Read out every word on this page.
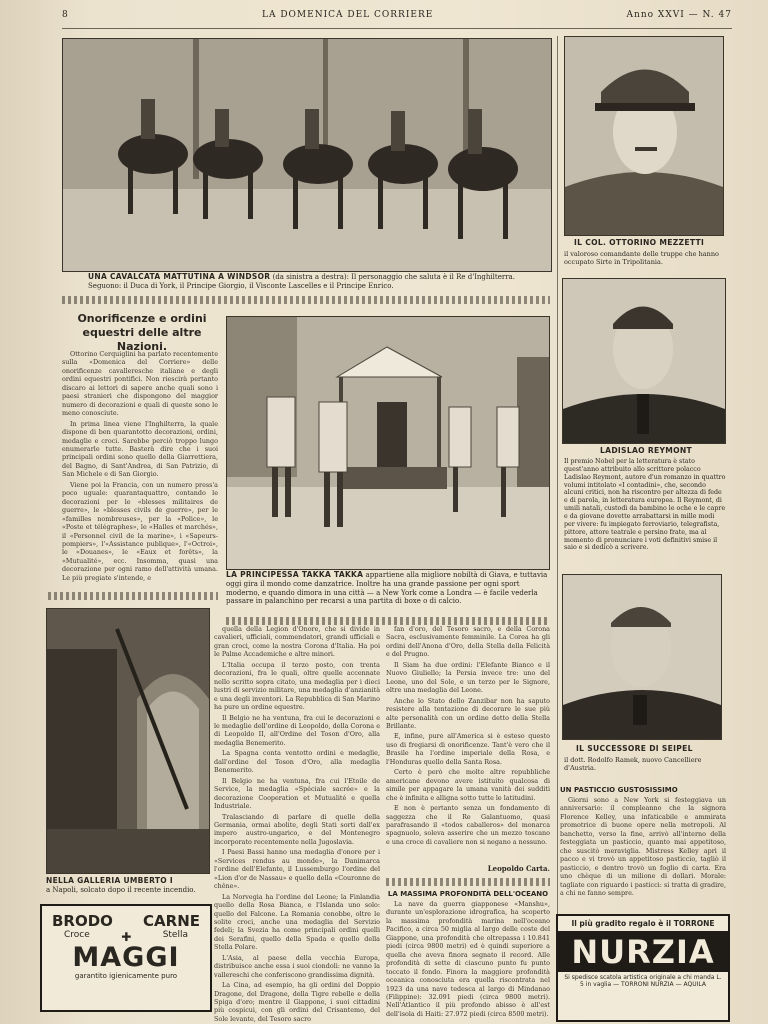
8	LA DOMENICA DEL CORRIERE	Anno XXVI — N. 47
UNA CAVALCATA MATTUTINA A WINDSOR (da sinistra a destra): Il personaggio che saluta è il Re d'Inghilterra. Seguono: il Duca di York, il Principe Giorgio, il Visconte Lascelles e il Principe Enrico.
Onorificenze e ordini equestri delle altre Nazioni.

Ottorino Cerquiglini ha parlato recentemente sulla «Domenica del Corriere» delle onorificenze cavalleresche italiane e degli ordini equestri pontifici. Non riescirà pertanto discaro ai lettori di sapere anche quali sono i paesi stranieri che dispongono del maggior numero di decorazioni e quali di queste sono le meno conosciute.

In prima linea viene l'Inghilterra, la quale dispone di ben quarantotto decorazioni, ordini, medaglie e croci. Sarebbe perciò troppo lungo enumerarle tutte. Basterà dire che i suoi principali ordini sono quello della Giarrettiera, del Bagno, di Sant'Andrea, di San Patrizio, di San Michele e di San Giorgio.

Viene poi la Francia, con un numero press'a poco uguale: quarantaquattro, contando le decorazioni per le «blesses militaires de guerre», le «blesses civils de guerre», per le «familles nombreuses», per la «Police», le «Poste et télégraphes», le «Halles et marchés», il «Personnel civil de la marine», i «Sapeurs-pompiers», l'«Assistance publique», l'«Octroi», le «Douanes», le «Eaux et forêts», la «Mutualité», ecc. Insomma, quasi una decorazione per ogni ramo dell'attività umana. Le più pregiate s'intende, e	LA PRINCIPESSA TAKKA TAKKA appartiene alla migliore nobiltà di Giava, e tuttavia oggi gira il mondo come danzatrice. Inoltre ha una grande passione per ogni sport moderno, e quando dimora in una città — a New York come a Londra — è facile vederla passare in palanchino per recarsi a una partita di boxe o di calcio.
NELLA GALLERIA UMBERTO I
a Napoli, solcato dopo il recente incendio.
BRODO CARNE
Croce	✚	Stella
MAGGI
garantito igienicamente puro

quella della Legion d'Onore, che si divide in cavalieri, ufficiali, commendatori, grandi ufficiali e gran croci, come la nostra Corona d'Italia. Ha poi le Palme Accademiche e altre minori.

L'Italia occupa il terzo posto, con trenta decorazioni, fra le quali, oltre quelle accennate nello scritto sopra citato, una medaglia per i dieci lustri di servizio militare, una medaglia d'anzianità e una degli inventori. La Repubblica di San Marino ha pure un ordine equestre.

Il Belgio ne ha ventuna, fra cui le decorazioni e le medaglie dell'ordine di Leopoldo, della Corona e di Leopoldo II, all'Ordine del Toson d'Oro, alla medaglia Benemerito.

La Spagna conta ventotto ordini e medaglie, dall'ordine del Toson d'Oro, alla medaglia Benemerito.

Il Belgio ne ha ventuna, fra cui l'Etoile de Service, la medaglia «Spéciale sacrée» e la decorazione Cooperation et Mutualité e quella Industriale.

Tralasciando di parlare di quelle della Germania, ormai abolite, degli Stati sorti dall'ex impero austro-ungarico, e del Montenegro incorporato recentemente nella Jugoslavia.

I Paesi Bassi hanno una medaglia d'onore per i «Services rendus au monde», la Danimarca l'ordine dell'Elefante, il Lussemburgo l'ordine del «Lion d'or de Nassau» e quello della «Couronne de chêne».

La Norvegia ha l'ordine del Leone; la Finlandia quello della Rosa Bianca, e l'Islanda uno solo: quello del Falcone. La Romania conobbe, oltre le solite croci, anche una medaglia del Servizio fedeli; la Svezia ha come principali ordini quelli dei Serafini, quello della Spada e quello della Stella Polare.

L'Asia, al paese della vecchia Europa, distribuisce anche essa i suoi ciondoli: ne vanno la vallereschi che conferiscono grandissima dignità.

La Cina, ad esempio, ha gli ordini del Doppio Dragone, del Dragone, della Tigre rebelle e della Spiga d'oro; mentre il Giappone, i suoi cittadini più cospicui, con gli ordini del Crisantemo, del Sole levante, del Tesoro sacro

fan d'oro, del Tesoro sacro, e della Corona Sacra, esclusivamente femminile. La Corea ha gli ordini dell'Anona d'Oro, della Stella della Felicità e del Prugno.

Il Siam ha due ordini: l'Elefante Bianco e il Nuovo Giuliello; la Persia invece tre: uno del Leone, uno del Sole, e un terzo per le Signore, oltre una medaglia del Leone.

Anche lo Stato dello Zanzibar non ha saputo resistere alla tentazione di decorare le sue più alte personalità con un ordine detto della Stella Brillante.

E, infine, pure all'America si è esteso questo uso di fregiarsi di onorificenze. Tant'è vero che il Brasile ha l'ordine imperiale della Rosa, e l'Honduras quello della Santa Rosa.

Certo è però che molte altre repubbliche americane devono avere istituito qualcosa di simile per appagare la umana vanità dei sudditi che è infinita e alligna sotto tutte le latitudini.

E non è pertanto senza un fondamento di saggezza che il Re Galantuomo, quasi parafrasando il «todos caballeros» del monarca spagnuolo, soleva asserire che un mezzo toscano e una croce di cavaliere non si negano a nessuno.

Leopoldo Carta.
LA MASSIMA PROFONDITÀ DELL'OCEANO

La nave da guerra giapponese «Manshu», durante un'esplorazione idrografica, ha scoperto la massima profondità marina nell'oceano Pacifico, a circa 50 miglia al largo delle coste del Giappone, una profondità che oltrepassa i 10.841 piedi (circa 9800 metri) ed è quindi superiore a quella che aveva finora segnato il record. Alle profondità di sette di ciascuno punto fu punto toccato il fondo. Finora la maggiore profondità oceanica conosciuta era quella riscontrata nel 1923 da una nave tedesca al largo di Mindanao (Filippine): 32.091 piedi (circa 9800 metri). Nell'Atlantico il più profondo abisso è all'est dell'isola di Haiti: 27.972 piedi (circa 8500 metri).

IL COL. OTTORINO MEZZETTI
il valoroso comandante delle truppe che hanno occupato Sirte in Tripolitania.
LADISLAO REYMONT
Il premio Nobel per la letteratura è stato quest'anno attribuito allo scrittore polacco Ladislao Reymont, autore d'un romanzo in quattro volumi intitolato «I contadini», che, secondo alcuni critici, non ha riscontro per altezza di fede e di parola, in letteratura europea. Il Reymont, di umili natali, custodì da bambino le oche e le capre e da giovane dovette arrabattarsi in mille modi per vivere: fu impiegato ferroviario, telegrafista, pittore, attore teatrale e persino frate, ma al momento di pronunciare i voti definitivi smise il saio e si dedicò a scrivere.
IL SUCCESSORE DI SEIPEL
il dott. Rodolfo Ramek, nuovo Cancelliere d'Austria.
UN PASTICCIO GUSTOSISSIMO

Giorni sono a New York si festeggiava un anniversario: il compleanno che la signora Florence Kelley, una infaticabile e ammirata promotrice di buone opere nella metropoli. Al banchetto, verso la fine, arrivò all'interno della festeggiata un pasticcio, quanto mai appetitoso, che suscitò meraviglia. Mistress Kelley aprì il pacco e vi trovò un appetitoso pasticcio, tagliò il pasticcio, e dentro trovò un foglio di carta. Era uno chèque di un milione di dollari. Morale: tagliate con riguardo i pasticci: si tratta di gradire, a chi ne fanno sempre.

Il più gradito regalo è il TORRONE
NURZIA
Si spedisce scatola artistica originale a chi manda L. 5 in vaglia — TORRONI NURZIA — AQUILA
